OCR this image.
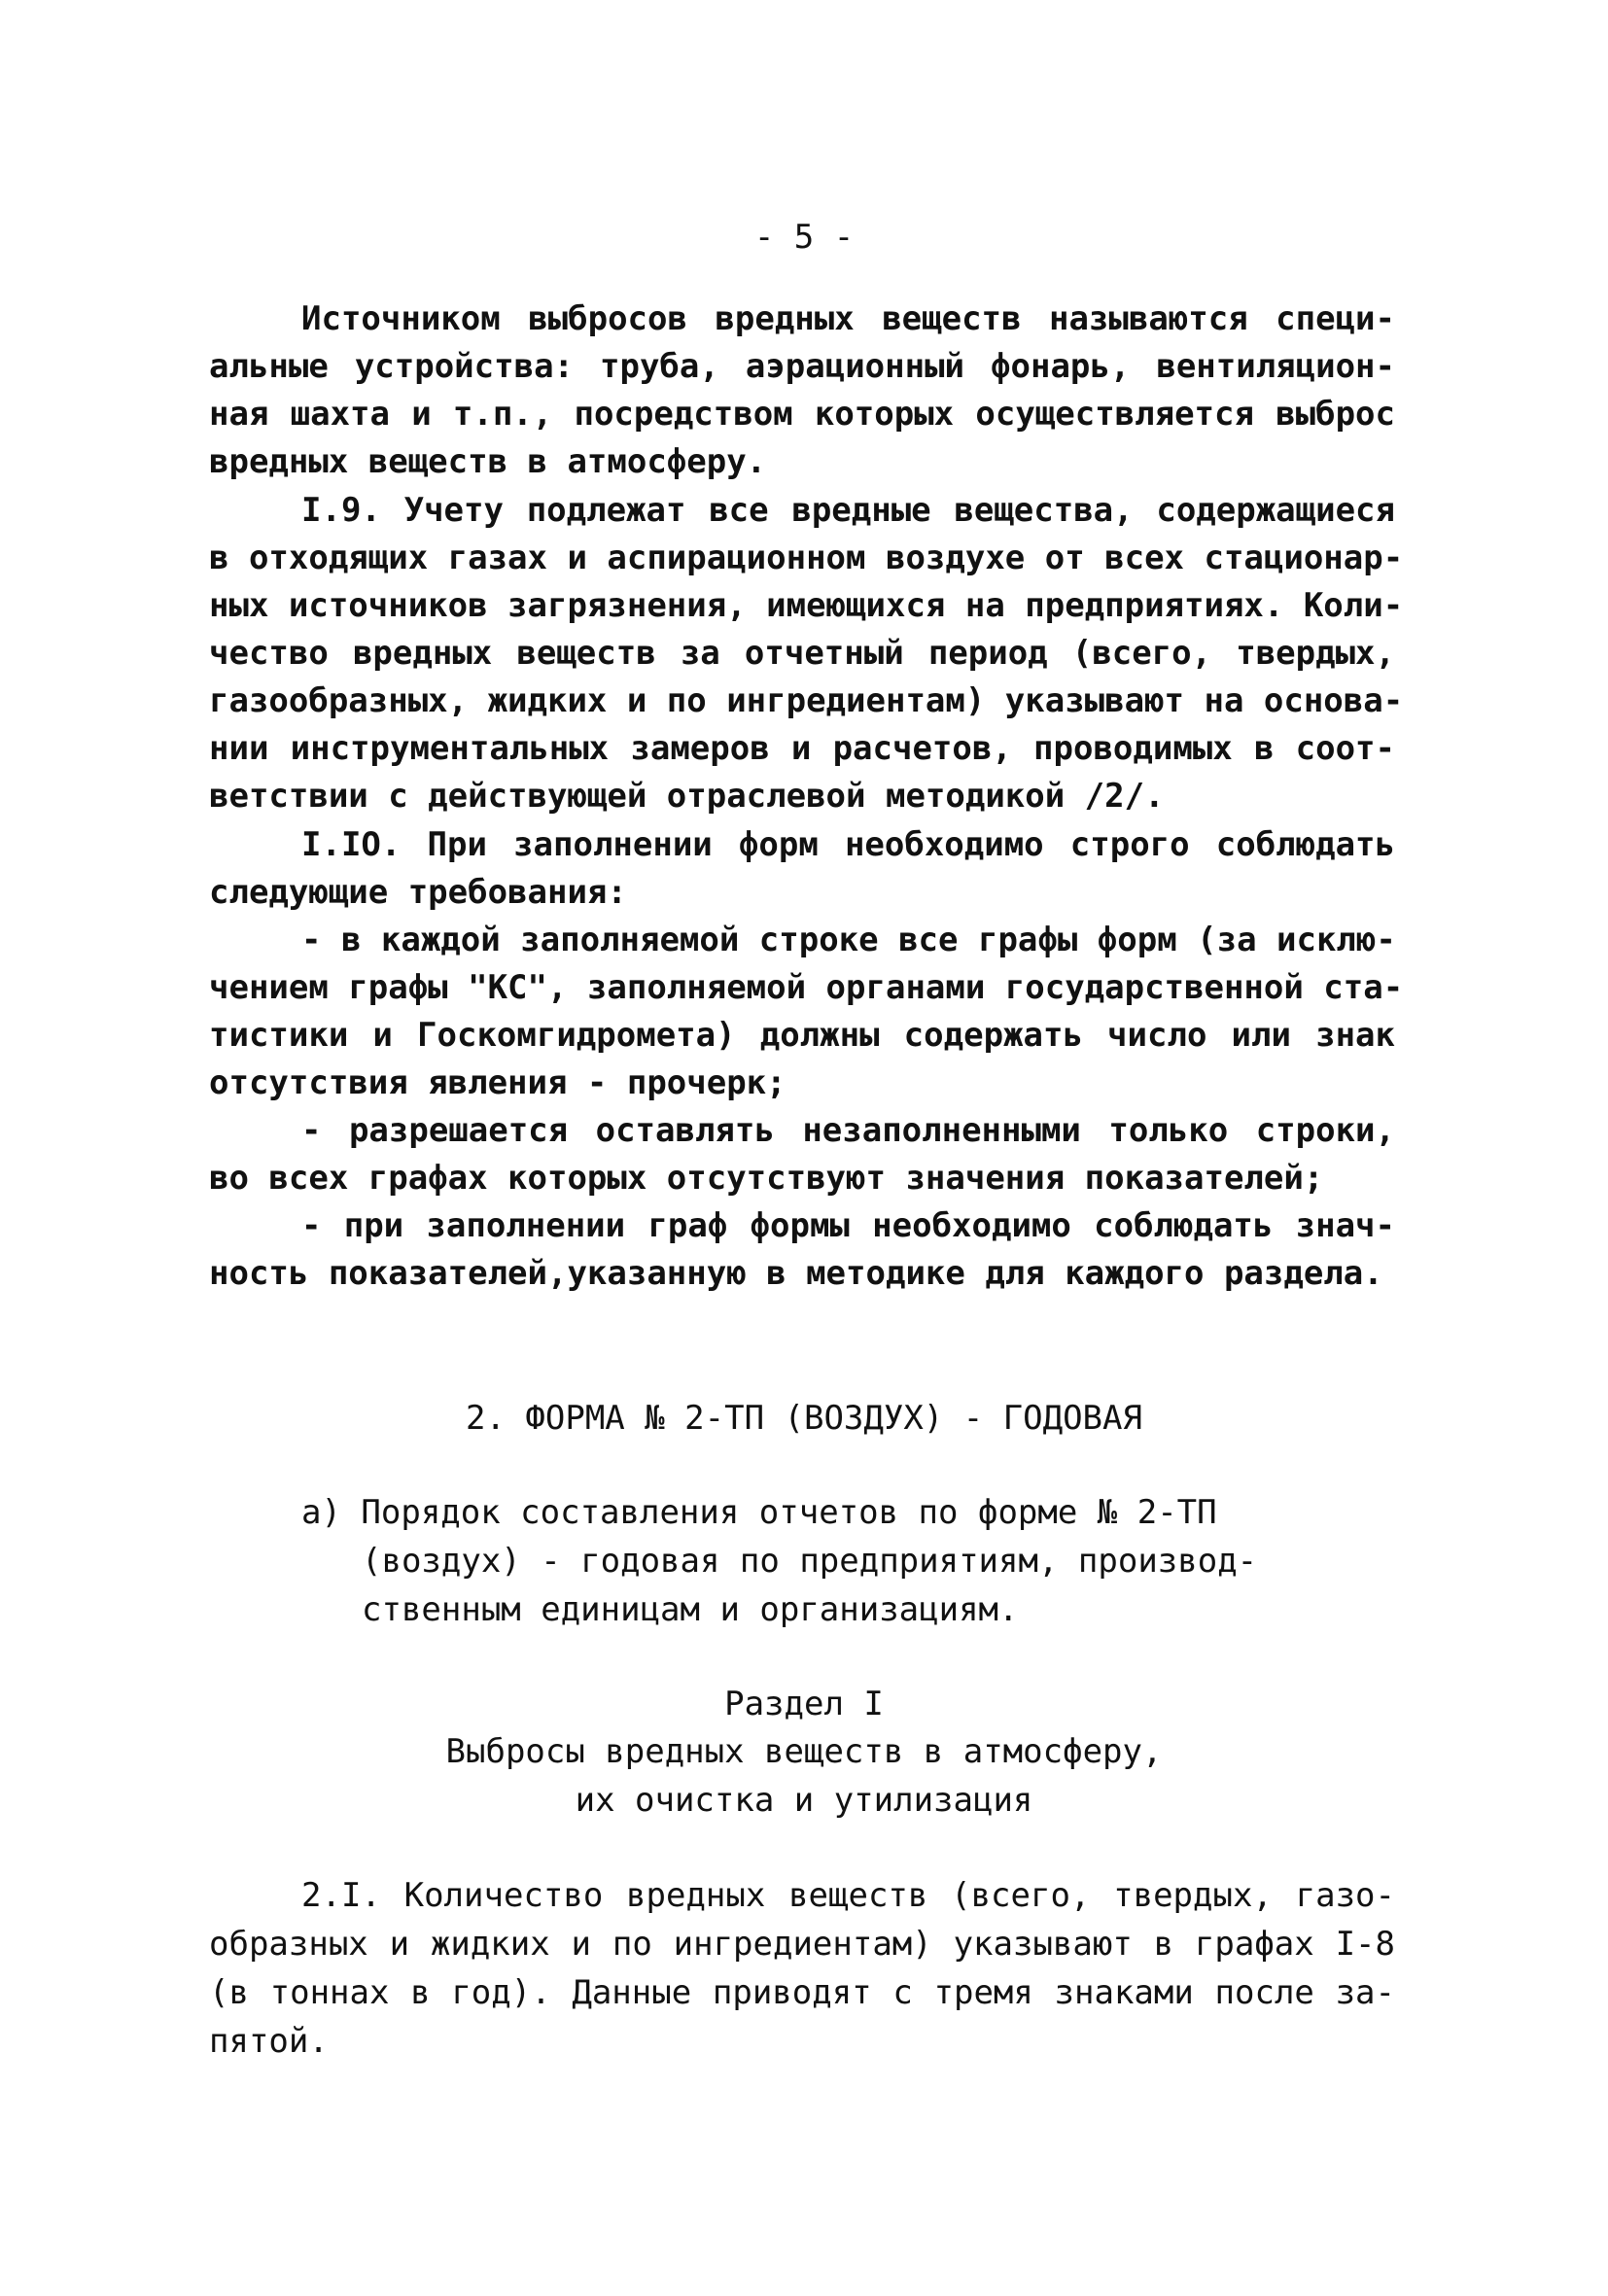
- 5 -
Источником выбросов вредных веществ называются специ-
альные устройства: труба, аэрационный фонарь, вентиляцион-
ная шахта и т.п., посредством которых осуществляется выброс
вредных веществ в атмосферу.
I.9. Учету подлежат все вредные вещества, содержащиеся
в отходящих газах и аспирационном воздухе от всех стационар-
ных источников загрязнения, имеющихся на предприятиях. Коли-
чество вредных веществ за отчетный период (всего, твердых,
газообразных, жидких и по ингредиентам) указывают на основа-
нии инструментальных замеров и расчетов, проводимых в соот-
ветствии с действующей отраслевой методикой /2/.
I.IO. При заполнении форм необходимо строго соблюдать
следующие требования:
- в каждой заполняемой строке все графы форм (за исклю-
чением графы "КС", заполняемой органами государственной ста-
тистики и Госкомгидромета) должны содержать число или знак
отсутствия явления - прочерк;
- разрешается оставлять незаполненными только строки,
во всех графах которых отсутствуют значения показателей;
- при заполнении граф формы необходимо соблюдать знач-
ность показателей,указанную в методике для каждого раздела.
2. ФОРМА № 2-ТП (ВОЗДУХ) - ГОДОВАЯ
а) Порядок составления отчетов по форме № 2-ТП
(воздух) - годовая по предприятиям, производ-
ственным единицам и организациям.
Раздел I
Выбросы вредных веществ в атмосферу,
их очистка и утилизация
2.I. Количество вредных веществ (всего, твердых, газо-
образных и жидких и по ингредиентам) указывают в графах I-8
(в тоннах в год). Данные приводят с тремя знаками после за-
пятой.
